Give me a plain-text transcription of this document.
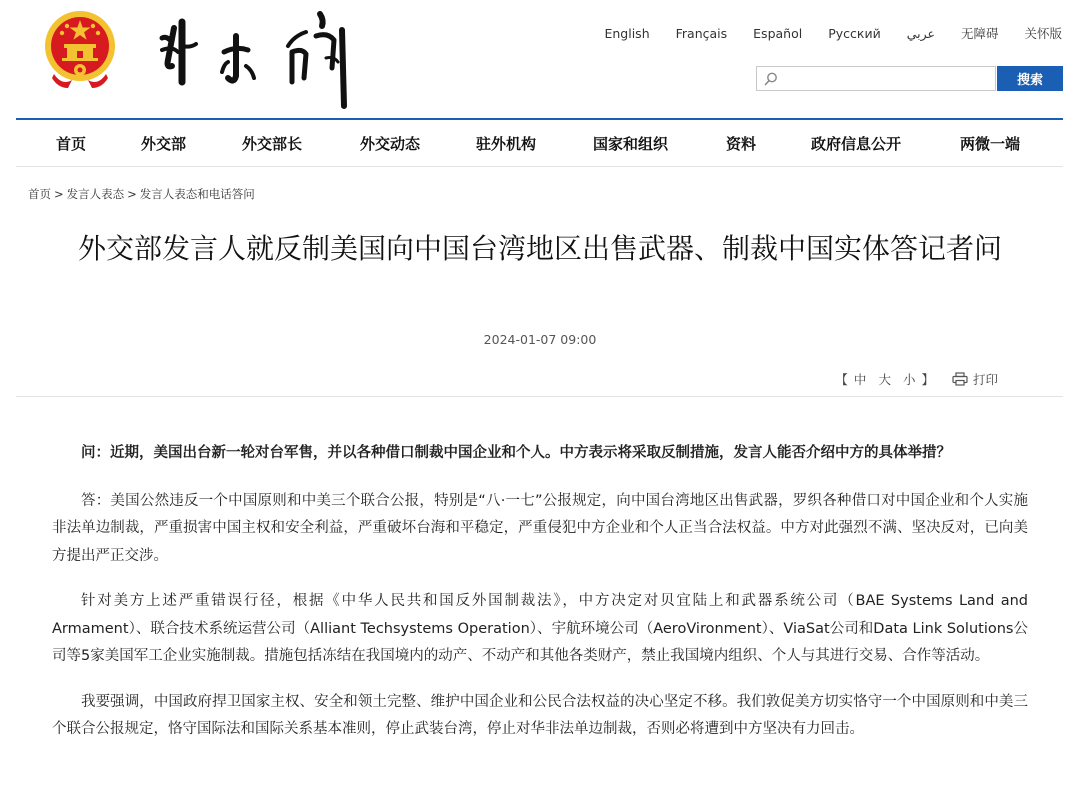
English Français Español Русский عربي 无障碍 关怀版
搜索
首页	外交部	外交部长	外交动态	驻外机构	国家和组织	资料	政府信息公开	两微一端
首页 > 发言人表态 > 发言人表态和电话答问
外交部发言人就反制美国向中国台湾地区出售武器、制裁中国实体答记者问
2024-01-07 09:00
【 中 大 小 】	打印

问：近期，美国出台新一轮对台军售，并以各种借口制裁中国企业和个人。中方表示将采取反制措施，发言人能否介绍中方的具体举措？

答：美国公然违反一个中国原则和中美三个联合公报，特别是“八·一七”公报规定，向中国台湾地区出售武器，罗织各种借口对中国企业和个人实施非法单边制裁，严重损害中国主权和安全利益，严重破坏台海和平稳定，严重侵犯中方企业和个人正当合法权益。中方对此强烈不满、坚决反对，已向美方提出严正交涉。

针对美方上述严重错误行径，根据《中华人民共和国反外国制裁法》，中方决定对贝宜陆上和武器系统公司（BAE Systems Land and Armament）、联合技术系统运营公司（Alliant Techsystems Operation）、宇航环境公司（AeroVironment）、ViaSat公司和Data Link Solutions公司等5家美国军工企业实施制裁。措施包括冻结在我国境内的动产、不动产和其他各类财产，禁止我国境内组织、个人与其进行交易、合作等活动。

我要强调，中国政府捍卫国家主权、安全和领土完整、维护中国企业和公民合法权益的决心坚定不移。我们敦促美方切实恪守一个中国原则和中美三个联合公报规定，恪守国际法和国际关系基本准则，停止武装台湾，停止对华非法单边制裁，否则必将遭到中方坚决有力回击。
